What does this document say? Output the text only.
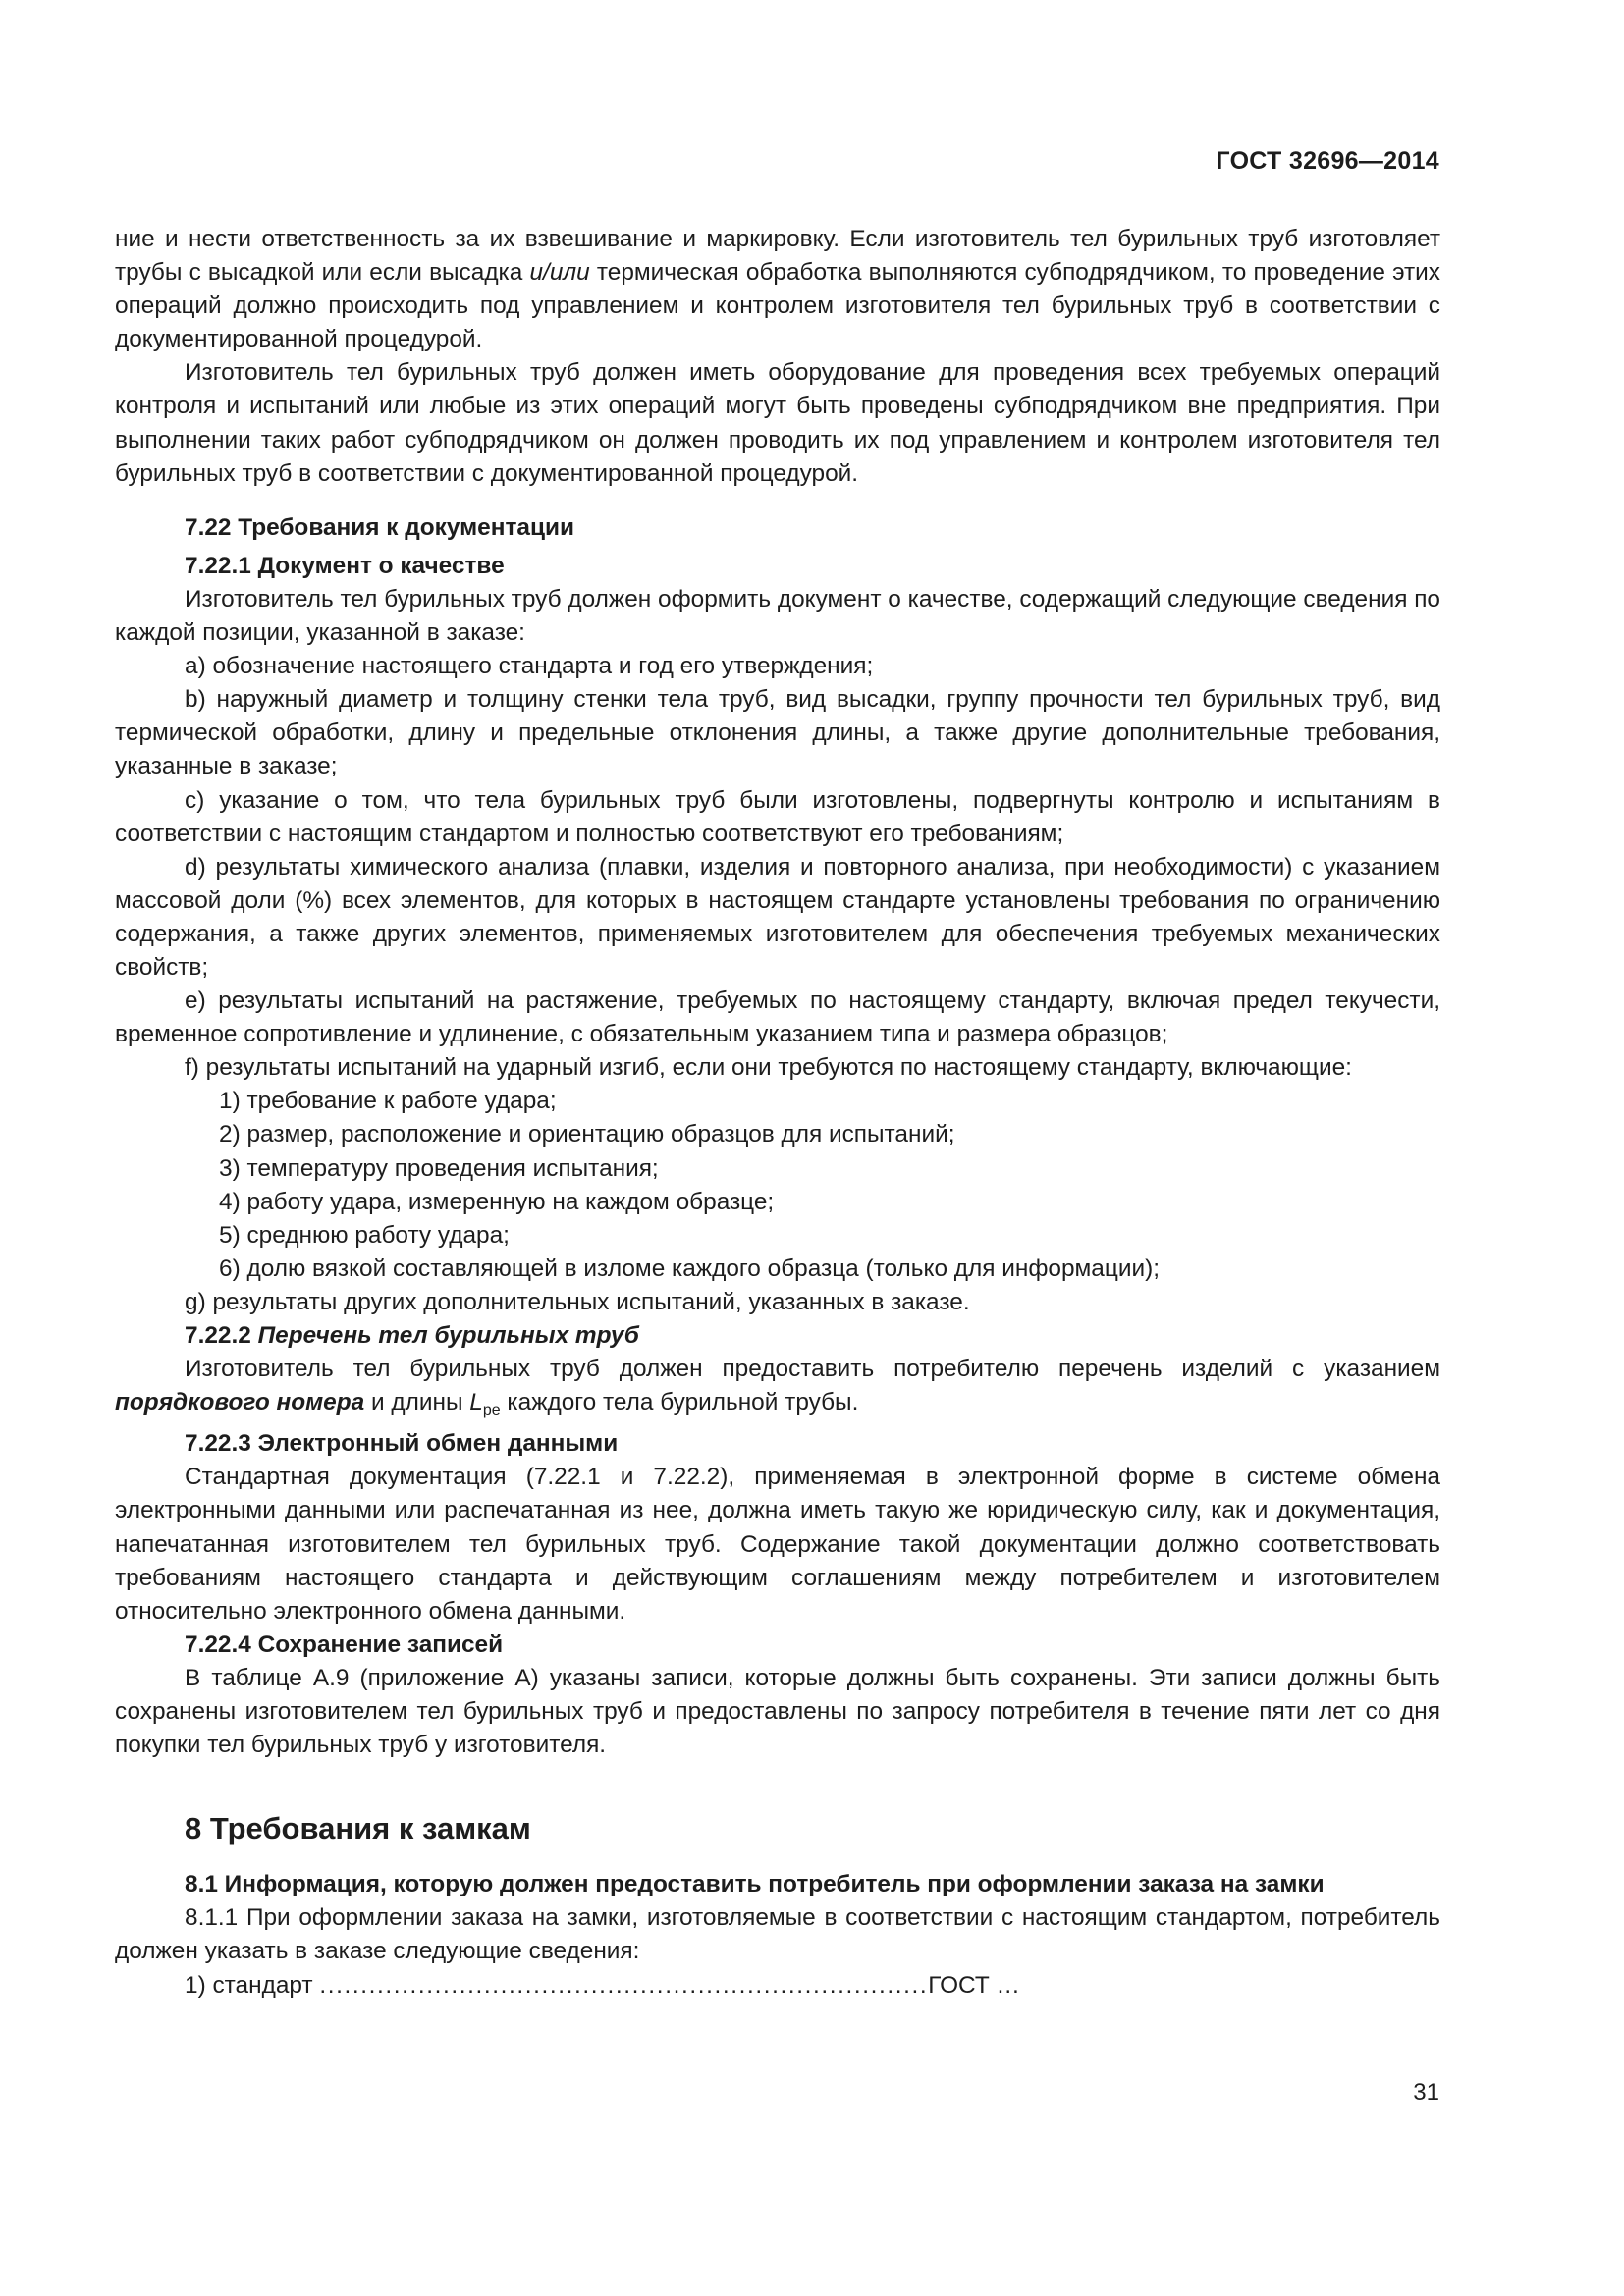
ГОСТ 32696—2014

ние и нести ответственность за их взвешивание и маркировку. Если изготовитель тел бурильных труб изготовляет трубы с высадкой или если высадка и/или термическая обработка выполняются субподрядчиком, то проведение этих операций должно происходить под управлением и контролем изготовителя тел бурильных труб в соответствии с документированной процедурой.

Изготовитель тел бурильных труб должен иметь оборудование для проведения всех требуемых операций контроля и испытаний или любые из этих операций могут быть проведены субподрядчиком вне предприятия. При выполнении таких работ субподрядчиком он должен проводить их под управлением и контролем изготовителя тел бурильных труб в соответствии с документированной процедурой.

7.22 Требования к документации
7.22.1 Документ о качестве

Изготовитель тел бурильных труб должен оформить документ о качестве, содержащий следующие сведения по каждой позиции, указанной в заказе:

a) обозначение настоящего стандарта и год его утверждения;

b) наружный диаметр и толщину стенки тела труб, вид высадки, группу прочности тел бурильных труб, вид термической обработки, длину и предельные отклонения длины, а также другие дополнительные требования, указанные в заказе;

c) указание о том, что тела бурильных труб были изготовлены, подвергнуты контролю и испытаниям в соответствии с настоящим стандартом и полностью соответствуют его требованиям;

d) результаты химического анализа (плавки, изделия и повторного анализа, при необходимости) с указанием массовой доли (%) всех элементов, для которых в настоящем стандарте установлены требования по ограничению содержания, а также других элементов, применяемых изготовителем для обеспечения требуемых механических свойств;

e) результаты испытаний на растяжение, требуемых по настоящему стандарту, включая предел текучести, временное сопротивление и удлинение, с обязательным указанием типа и размера образцов;

f) результаты испытаний на ударный изгиб, если они требуются по настоящему стандарту, включающие:

1) требование к работе удара;

2) размер, расположение и ориентацию образцов для испытаний;

3) температуру проведения испытания;

4) работу удара, измеренную на каждом образце;

5) среднюю работу удара;

6) долю вязкой составляющей в изломе каждого образца (только для информации);

g) результаты других дополнительных испытаний, указанных в заказе.

7.22.2 Перечень тел бурильных труб

Изготовитель тел бурильных труб должен предоставить потребителю перечень изделий с указанием порядкового номера и длины $L_{pe}$ каждого тела бурильной трубы.

7.22.3 Электронный обмен данными

Стандартная документация (7.22.1 и 7.22.2), применяемая в электронной форме в системе обмена электронными данными или распечатанная из нее, должна иметь такую же юридическую силу, как и документация, напечатанная изготовителем тел бурильных труб. Содержание такой документации должно соответствовать требованиям настоящего стандарта и действующим соглашениям между потребителем и изготовителем относительно электронного обмена данными.

7.22.4 Сохранение записей

В таблице А.9 (приложение А) указаны записи, которые должны быть сохранены. Эти записи должны быть сохранены изготовителем тел бурильных труб и предоставлены по запросу потребителя в течение пяти лет со дня покупки тел бурильных труб у изготовителя.

8 Требования к замкам
8.1 Информация, которую должен предоставить потребитель при оформлении заказа на замки

8.1.1 При оформлении заказа на замки, изготовляемые в соответствии с настоящим стандартом, потребитель должен указать в заказе следующие сведения:

1) стандарт ..........................................................................ГОСТ …

31
